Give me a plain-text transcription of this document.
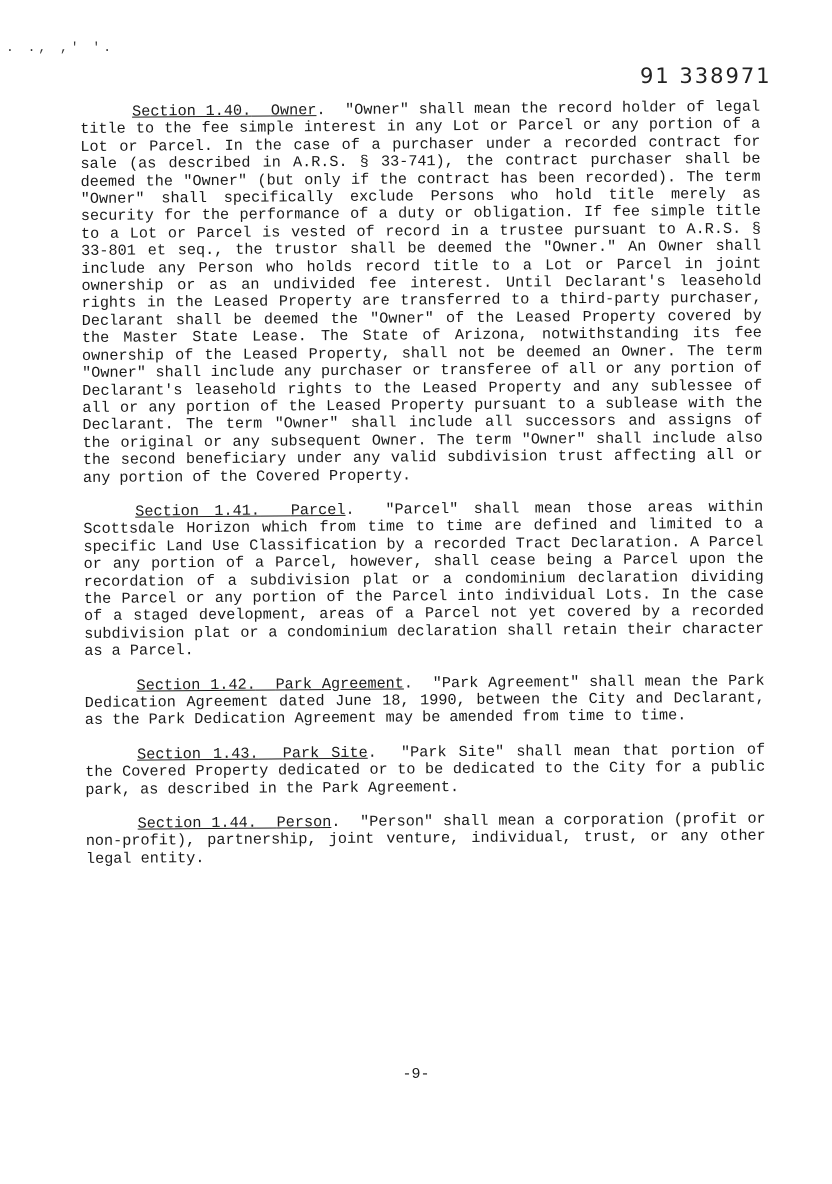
. ., ,' '.
91 338971

Section 1.40. Owner.  "Owner" shall mean the record holder of legal title to the fee simple interest in any Lot or Parcel or any portion of a Lot or Parcel. In the case of a purchaser under a recorded contract for sale (as described in A.R.S. § 33-741), the contract purchaser shall be deemed the "Owner" (but only if the contract has been recorded). The term "Owner" shall specifically exclude Persons who hold title merely as security for the performance of a duty or obligation. If fee simple title to a Lot or Parcel is vested of record in a trustee pursuant to A.R.S. § 33-801 et seq., the trustor shall be deemed the "Owner." An Owner shall include any Person who holds record title to a Lot or Parcel in joint ownership or as an undivided fee interest. Until Declarant's leasehold rights in the Leased Property are transferred to a third-party purchaser, Declarant shall be deemed the "Owner" of the Leased Property covered by the Master State Lease. The State of Arizona, notwithstanding its fee ownership of the Leased Property, shall not be deemed an Owner. The term "Owner" shall include any purchaser or transferee of all or any portion of Declarant's leasehold rights to the Leased Property and any sublessee of all or any portion of the Leased Property pursuant to a sublease with the Declarant. The term "Owner" shall include all successors and assigns of the original or any subsequent Owner. The term "Owner" shall include also the second beneficiary under any valid subdivision trust affecting all or any portion of the Covered Property.

Section 1.41. Parcel.  "Parcel" shall mean those areas within Scottsdale Horizon which from time to time are defined and limited to a specific Land Use Classification by a recorded Tract Declaration. A Parcel or any portion of a Parcel, however, shall cease being a Parcel upon the recordation of a subdivision plat or a condominium declaration dividing the Parcel or any portion of the Parcel into individual Lots. In the case of a staged development, areas of a Parcel not yet covered by a recorded subdivision plat or a condominium declaration shall retain their character as a Parcel.

Section 1.42. Park Agreement.  "Park Agreement" shall mean the Park Dedication Agreement dated June 18, 1990, between the City and Declarant, as the Park Dedication Agreement may be amended from time to time.

Section 1.43. Park Site.  "Park Site" shall mean that portion of the Covered Property dedicated or to be dedicated to the City for a public park, as described in the Park Agreement.

Section 1.44. Person.  "Person" shall mean a corporation (profit or non-profit), partnership, joint venture, individual, trust, or any other legal entity.

-9-
